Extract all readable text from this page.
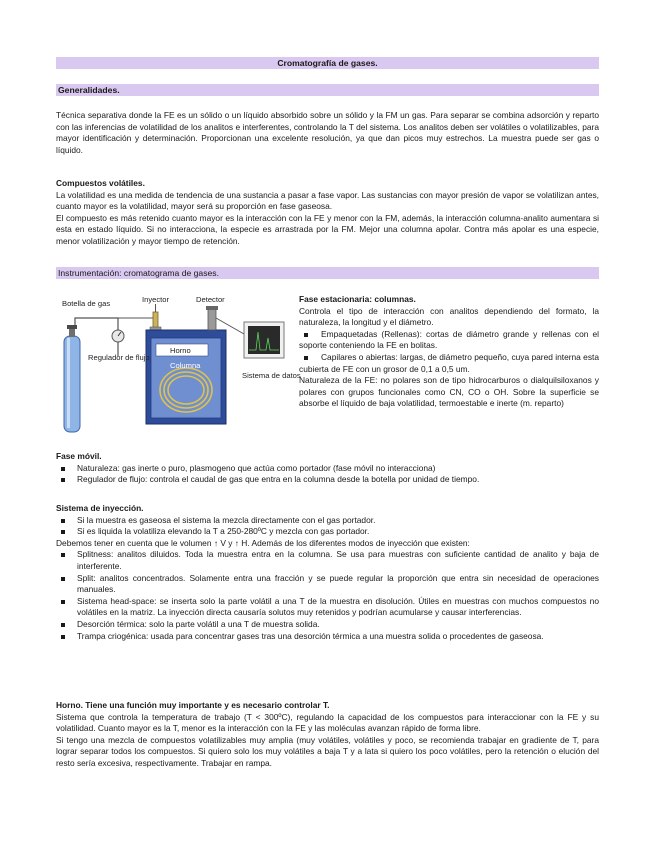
Cromatografía de gases.
Generalidades.

Técnica separativa donde la FE es un sólido o un líquido absorbido sobre un sólido y la FM un gas. Para separar se combina adsorción y reparto con las inferencias de volatilidad de los analitos e interferentes, controlando la T del sistema. Los analitos deben ser volátiles o volatilizables, para mayor identificación y determinación. Proporcionan una excelente resolución, ya que dan picos muy estrechos. La muestra puede ser gas o líquido.

Compuestos volátiles.

La volatilidad es una medida de tendencia de una sustancia a pasar a fase vapor. Las sustancias con mayor presión de vapor se volatilizan antes, cuanto mayor es la volatilidad, mayor será su proporción en fase gaseosa.

El compuesto es más retenido cuanto mayor es la interacción con la FE y menor con la FM, además, la interacción columna-analito aumentara si esta en estado líquido. Si no interacciona, la especie es arrastrada por la FM. Mejor una columna apolar. Contra más apolar es una especie, menor volatilización y mayor tiempo de retención.

Instrumentación: cromatograma de gases.
Botella de gas	Inyector	Detector
Horno
Regulador de flujo
Columna
Sistema de datos

Fase estacionaria: columnas.

Controla el tipo de interacción con analitos dependiendo del formato, la naturaleza, la longitud y el diámetro.

Empaquetadas (Rellenas): cortas de diámetro grande y rellenas con el soporte conteniendo la FE en bolitas.
Capilares o abiertas: largas, de diámetro pequeño, cuya pared interna esta cubierta de FE con un grosor de 0,1 a 0,5 um.

Naturaleza de la FE: no polares son de tipo hidrocarburos o dialquilsiloxanos y polares con grupos funcionales como CN, CO o OH. Sobre la superficie se absorbe el líquido de baja volatilidad, termoestable e inerte (m. reparto)

Fase móvil.

Naturaleza: gas inerte o puro, plasmogeno que actúa como portador (fase móvil no interacciona)
Regulador de flujo: controla el caudal de gas que entra en la columna desde la botella por unidad de tiempo.

Sistema de inyección.

Si la muestra es gaseosa el sistema la mezcla directamente con el gas portador.
Si es liquida la volatiliza elevando la T a 250-280ºC y mezcla con gas portador.

Debemos tener en cuenta que le volumen ↑ V y ↑ H. Además de los diferentes modos de inyección que existen:

Splitness: analitos diluidos. Toda la muestra entra en la columna. Se usa para muestras con suficiente cantidad de analito y baja de interferente.
Split: analitos concentrados. Solamente entra una fracción y se puede regular la proporción que entra sin necesidad de operaciones manuales.
Sistema head-space: se inserta solo la parte volátil a una T de la muestra en disolución. Útiles en muestras con muchos compuestos no volátiles en la matriz. La inyección directa causaría solutos muy retenidos y podrían acumularse y causar interferencias.
Desorción térmica: solo la parte volátil a una T de muestra solida.
Trampa criogénica: usada para concentrar gases tras una desorción térmica a una muestra solida o procedentes de gaseosa.

Horno. Tiene una función muy importante y es necesario controlar T.

Sistema que controla la temperatura de trabajo (T < 300ºC), regulando la capacidad de los compuestos para interaccionar con la FE y su volatilidad. Cuanto mayor es la T, menor es la interacción con la FE y las moléculas avanzan rápido de forma libre.

Si tengo una mezcla de compuestos volatilizables muy amplia (muy volátiles, volátiles y poco, se recomienda trabajar en gradiente de T, para lograr separar todos los compuestos. Si quiero solo los muy volátiles a baja T y a lata si quiero los poco volátiles, pero la retención o elución del resto sería excesiva, respectivamente. Trabajar en rampa.
